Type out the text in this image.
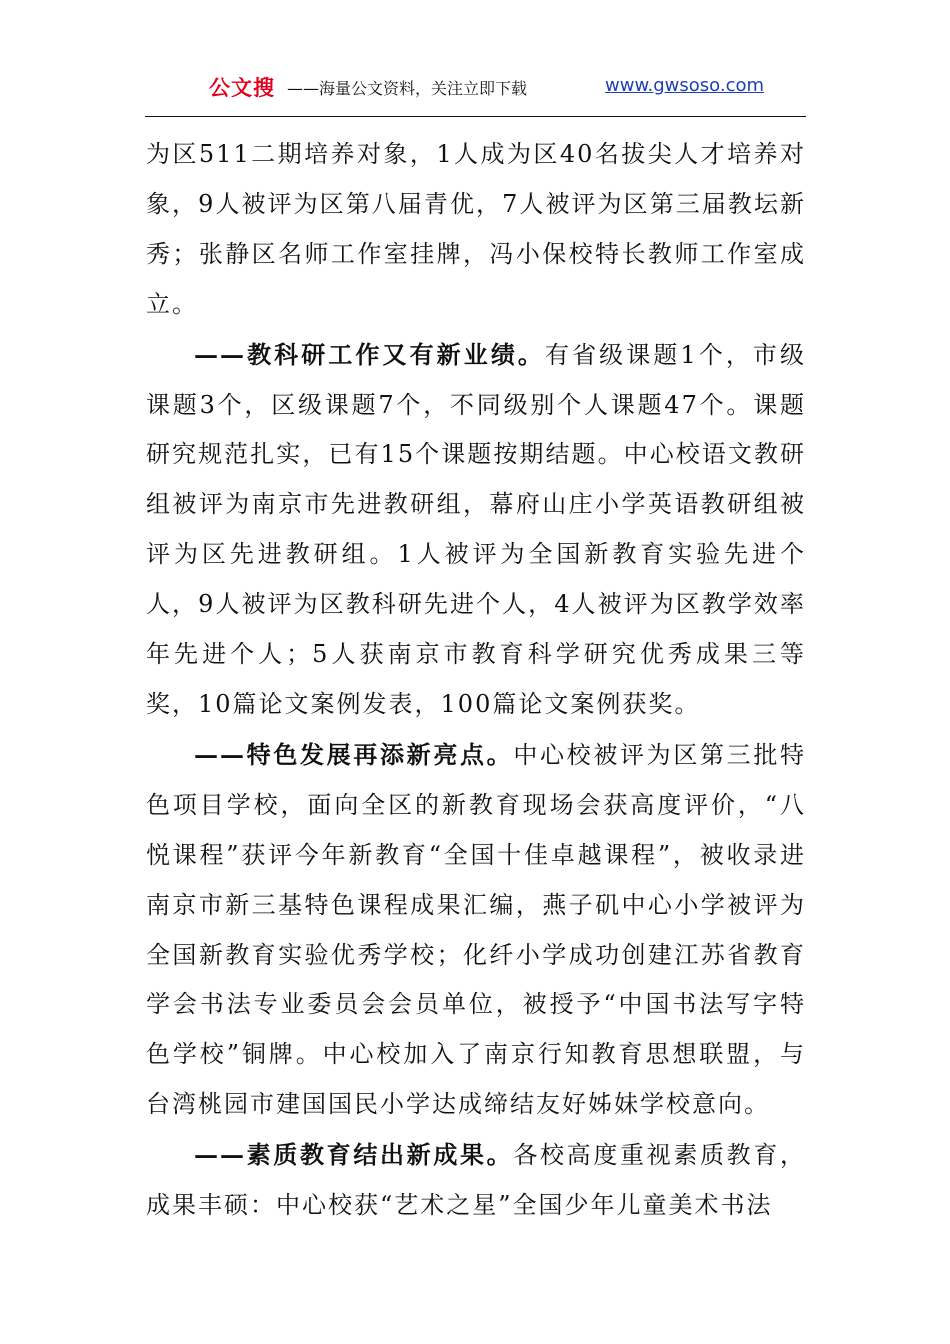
公文搜 ——海量公文资料，关注立即下载	www.gwsoso.com

为区511二期培养对象，1人成为区40名拔尖人才培养对象，9人被评为区第八届青优，7人被评为区第三届教坛新秀；张静区名师工作室挂牌，冯小保校特长教师工作室成立。

——教科研工作又有新业绩。有省级课题1个，市级课题3个，区级课题7个，不同级别个人课题47个。课题研究规范扎实，已有15个课题按期结题。中心校语文教研组被评为南京市先进教研组，幕府山庄小学英语教研组被评为区先进教研组。1人被评为全国新教育实验先进个人，9人被评为区教科研先进个人，4人被评为区教学效率年先进个人；5人获南京市教育科学研究优秀成果三等奖，10篇论文案例发表，100篇论文案例获奖。

——特色发展再添新亮点。中心校被评为区第三批特色项目学校，面向全区的新教育现场会获高度评价，“八悦课程”获评今年新教育“全国十佳卓越课程”，被收录进南京市新三基特色课程成果汇编，燕子矶中心小学被评为全国新教育实验优秀学校；化纤小学成功创建江苏省教育学会书法专业委员会会员单位，被授予“中国书法写字特色学校”铜牌。中心校加入了南京行知教育思想联盟，与台湾桃园市建国国民小学达成缔结友好姊妹学校意向。

——素质教育结出新成果。各校高度重视素质教育，成果丰硕：中心校获“艺术之星”全国少年儿童美术书法
